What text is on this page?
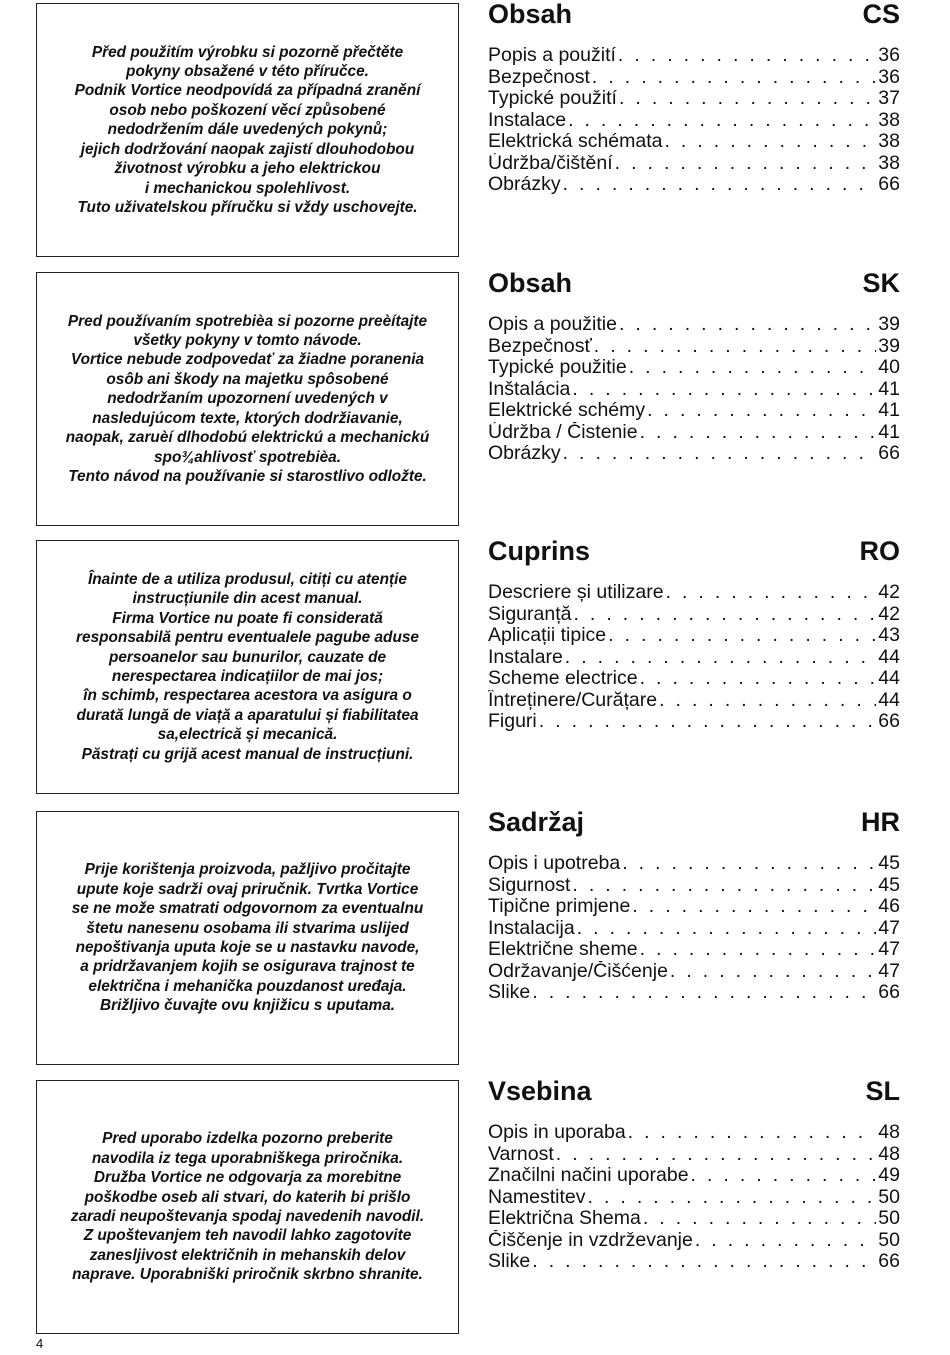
Před použitím výrobku si pozorně přečtěte
pokyny obsažené v této příručce.
Podnik Vortice neodpovídá za případná zranění
osob nebo poškození věcí způsobené
nedodržením dále uvedených pokynů;
jejich dodržování naopak zajistí dlouhodobou
životnost výrobku a jeho elektrickou
i mechanickou spolehlivost.
Tuto uživatelskou příručku si vždy uschovejte.

Obsah	CS
Popis a použití . . .	36
Bezpečnost . . .	36
Typické použití . . .	37
Instalace . . .	38
Elektrická schémata . . .	38
Údržba/čištění . . .	38
Obrázky . . .	66

Pred používaním spotrebièa si pozorne preèítajte
všetky pokyny v tomto návode.
Vortice nebude zodpovedať za žiadne poranenia
osôb ani škody na majetku spôsobené
nedodržaním upozornení uvedených v
nasledujúcom texte, ktorých dodržiavanie,
naopak, zaruèí dlhodobú elektrickú a mechanickú
spo¾ahlivosť spotrebièa.
Tento návod na používanie si starostlivo odložte.

Obsah	SK
Opis a použitie . . .	39
Bezpečnosť . . .	39
Typické použitie . . .	40
Inštalácia . . .	41
Elektrické schémy . . .	41
Údržba / Čistenie . . .	41
Obrázky . . .	66

Înainte de a utiliza produsul, citiți cu atenție
instrucțiunile din acest manual.
Firma Vortice nu poate fi considerată
responsabilă pentru eventualele pagube aduse
persoanelor sau bunurilor, cauzate de
nerespectarea indicațiilor de mai jos;
în schimb, respectarea acestora va asigura o
durată lungă de viață a aparatului și fiabilitatea
sa,electrică și mecanică.
Păstrați cu grijă acest manual de instrucțiuni.

Cuprins	RO
Descriere și utilizare . . .	42
Siguranță . . .	42
Aplicații tipice . . .	43
Instalare . . .	44
Scheme electrice . . .	44
Întreținere/Curățare . . .	44
Figuri . . .	66

Prije korištenja proizvoda, pažljivo pročitajte
upute koje sadrži ovaj priručnik. Tvrtka Vortice
se ne može smatrati odgovornom za eventualnu
štetu nanesenu osobama ili stvarima uslijed
nepoštivanja uputa koje se u nastavku navode,
a pridržavanjem kojih se osigurava trajnost te
električna i mehanička pouzdanost uređaja.
Brižljivo čuvajte ovu knjižicu s uputama.

Sadržaj	HR
Opis i upotreba . . .	45
Sigurnost . . .	45
Tipične primjene . . .	46
Instalacija . . .	47
Električne sheme . . .	47
Održavanje/Čišćenje . . .	47
Slike . . .	66

Pred uporabo izdelka pozorno preberite
navodila iz tega uporabniškega priročnika.
Družba Vortice ne odgovarja za morebitne
poškodbe oseb ali stvari, do katerih bi prišlo
zaradi neupoštevanja spodaj navedenih navodil.
Z upoštevanjem teh navodil lahko zagotovite
zanesljivost električnih in mehanskih delov
naprave. Uporabniški priročnik skrbno shranite.

Vsebina	SL
Opis in uporaba . . .	48
Varnost . . .	48
Značilni načini uporabe . . .	49
Namestitev . . .	50
Električna Shema . . .	50
Čiščenje in vzdrževanje . . .	50
Slike . . .	66
4
